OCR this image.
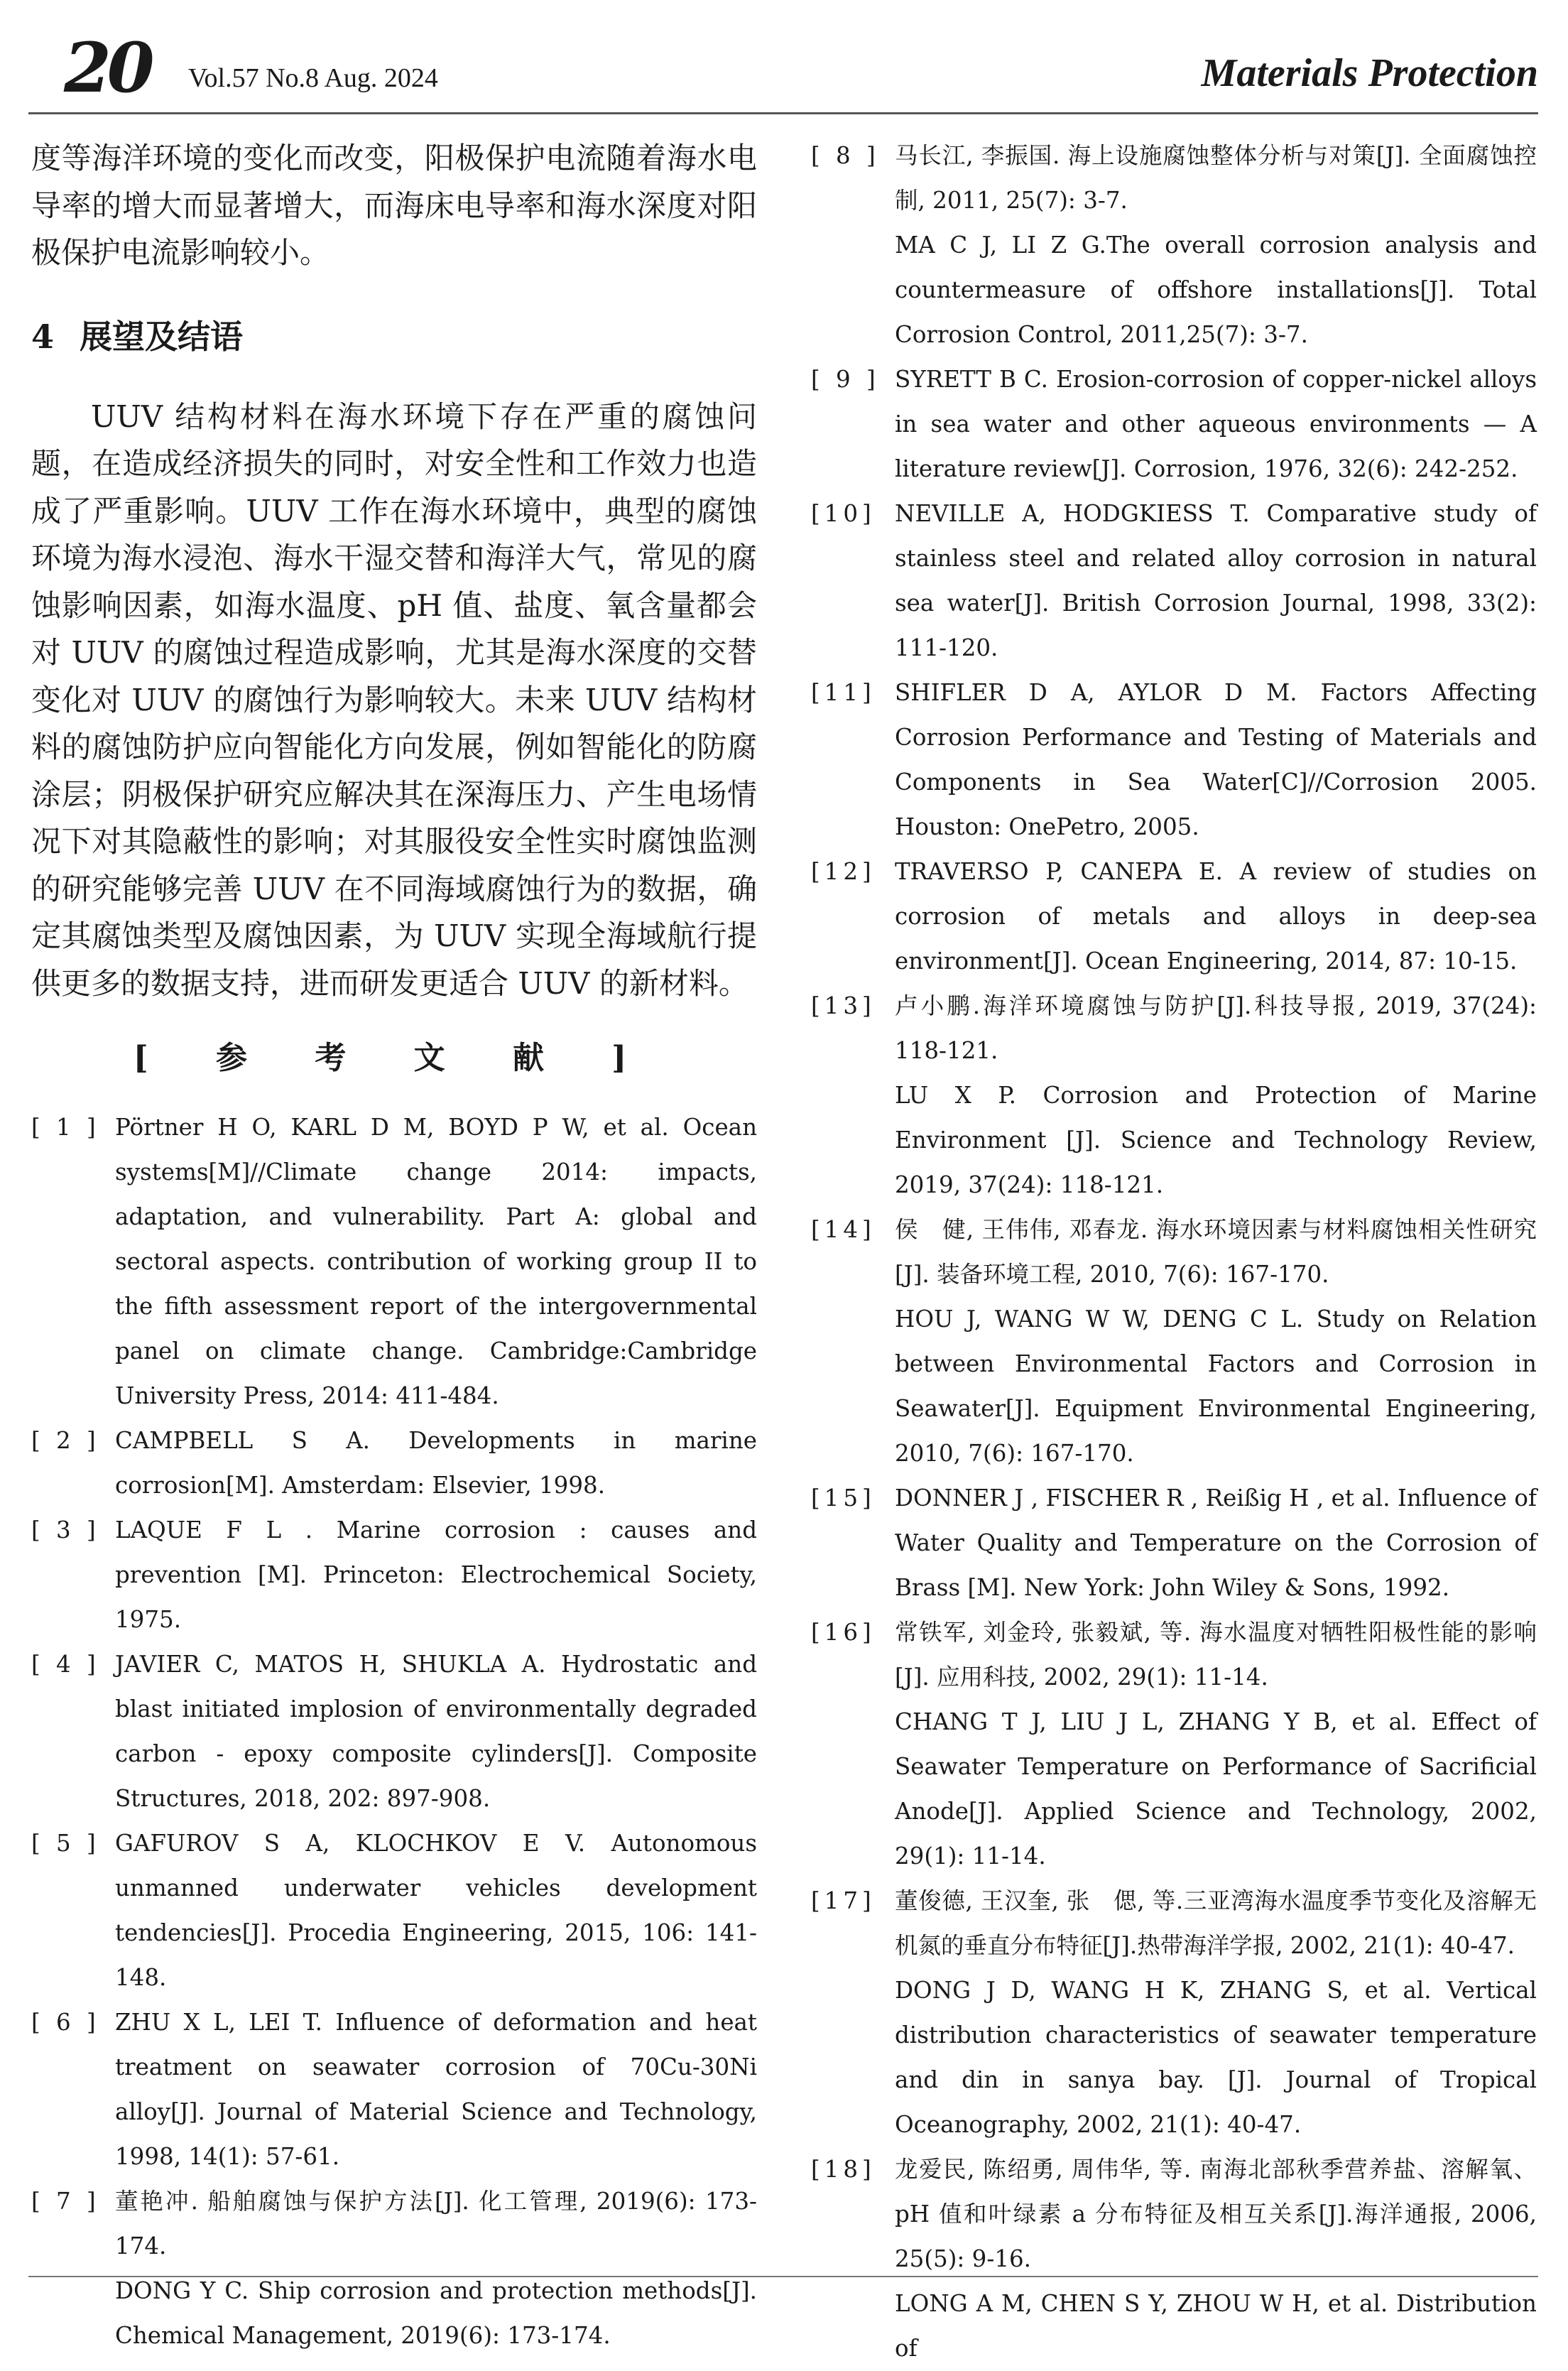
20 Vol.57 No.8 Aug. 2024	Materials Protection

度等海洋环境的变化而改变，阳极保护电流随着海水电导率的增大而显著增大，而海床电导率和海水深度对阳极保护电流影响较小。

4 展望及结语

UUV 结构材料在海水环境下存在严重的腐蚀问题，在造成经济损失的同时，对安全性和工作效力也造成了严重影响。UUV 工作在海水环境中，典型的腐蚀环境为海水浸泡、海水干湿交替和海洋大气，常见的腐蚀影响因素，如海水温度、pH 值、盐度、氧含量都会对 UUV 的腐蚀过程造成影响，尤其是海水深度的交替变化对 UUV 的腐蚀行为影响较大。未来 UUV 结构材料的腐蚀防护应向智能化方向发展，例如智能化的防腐涂层；阴极保护研究应解决其在深海压力、产生电场情况下对其隐蔽性的影响；对其服役安全性实时腐蚀监测的研究能够完善 UUV 在不同海域腐蚀行为的数据，确定其腐蚀类型及腐蚀因素，为 UUV 实现全海域航行提供更多的数据支持，进而研发更适合 UUV 的新材料。

[ 参 考 文 献 ]

[ 1 ] Pörtner H O, KARL D M, BOYD P W, et al. Ocean systems[M]//Climate change 2014: impacts, adaptation, and vulnerability. Part A: global and sectoral aspects. contribution of working group II to the fifth assessment report of the intergovernmental panel on climate change. Cambridge:Cambridge University Press, 2014: 411-484.

[ 2 ] CAMPBELL S A. Developments in marine corrosion[M]. Amsterdam: Elsevier, 1998.

[ 3 ] LAQUE F L . Marine corrosion : causes and prevention [M]. Princeton: Electrochemical Society, 1975.

[ 4 ] JAVIER C, MATOS H, SHUKLA A. Hydrostatic and blast initiated implosion of environmentally degraded carbon - epoxy composite cylinders[J]. Composite Structures, 2018, 202: 897-908.

[ 5 ] GAFUROV S A, KLOCHKOV E V. Autonomous unmanned underwater vehicles development tendencies[J]. Procedia Engineering, 2015, 106: 141-148.

[ 6 ] ZHU X L, LEI T. Influence of deformation and heat treatment on seawater corrosion of 70Cu-30Ni alloy[J]. Journal of Material Science and Technology, 1998, 14(1): 57-61.

[ 7 ] 董艳冲. 船舶腐蚀与保护方法[J]. 化工管理, 2019(6): 173-174.
DONG Y C. Ship corrosion and protection methods[J]. Chemical Management, 2019(6): 173-174.

[ 8 ] 马长江, 李振国. 海上设施腐蚀整体分析与对策[J]. 全面腐蚀控制, 2011, 25(7): 3-7.
MA C J, LI Z G.The overall corrosion analysis and countermeasure of offshore installations[J]. Total Corrosion Control, 2011,25(7): 3-7.

[ 9 ] SYRETT B C. Erosion-corrosion of copper-nickel alloys in sea water and other aqueous environments — A literature review[J]. Corrosion, 1976, 32(6): 242-252.

[10] NEVILLE A, HODGKIESS T. Comparative study of stainless steel and related alloy corrosion in natural sea water[J]. British Corrosion Journal, 1998, 33(2): 111-120.

[11] SHIFLER D A, AYLOR D M. Factors Affecting Corrosion Performance and Testing of Materials and Components in Sea Water[C]//Corrosion 2005. Houston: OnePetro, 2005.

[12] TRAVERSO P, CANEPA E. A review of studies on corrosion of metals and alloys in deep-sea environment[J]. Ocean Engineering, 2014, 87: 10-15.

[13] 卢小鹏.海洋环境腐蚀与防护[J].科技导报, 2019, 37(24): 118-121.
LU X P. Corrosion and Protection of Marine Environment [J]. Science and Technology Review, 2019, 37(24): 118-121.

[14] 侯　健, 王伟伟, 邓春龙. 海水环境因素与材料腐蚀相关性研究[J]. 装备环境工程, 2010, 7(6): 167-170.
HOU J, WANG W W, DENG C L. Study on Relation between Environmental Factors and Corrosion in Seawater[J]. Equipment Environmental Engineering, 2010, 7(6): 167-170.

[15] DONNER J , FISCHER R , Reißig H , et al. Influence of Water Quality and Temperature on the Corrosion of Brass [M]. New York: John Wiley & Sons, 1992.

[16] 常铁军, 刘金玲, 张毅斌, 等. 海水温度对牺牲阳极性能的影响[J]. 应用科技, 2002, 29(1): 11-14.
CHANG T J, LIU J L, ZHANG Y B, et al. Effect of Seawater Temperature on Performance of Sacrificial Anode[J]. Applied Science and Technology, 2002, 29(1): 11-14.

[17] 董俊德, 王汉奎, 张　偲, 等.三亚湾海水温度季节变化及溶解无机氮的垂直分布特征[J].热带海洋学报, 2002, 21(1): 40-47.
DONG J D, WANG H K, ZHANG S, et al. Vertical distribution characteristics of seawater temperature and din in sanya bay. [J]. Journal of Tropical Oceanography, 2002, 21(1): 40-47.

[18] 龙爱民, 陈绍勇, 周伟华, 等. 南海北部秋季营养盐、溶解氧、pH 值和叶绿素 a 分布特征及相互关系[J].海洋通报, 2006, 25(5): 9-16.
LONG A M, CHEN S Y, ZHOU W H, et al. Distribution of
